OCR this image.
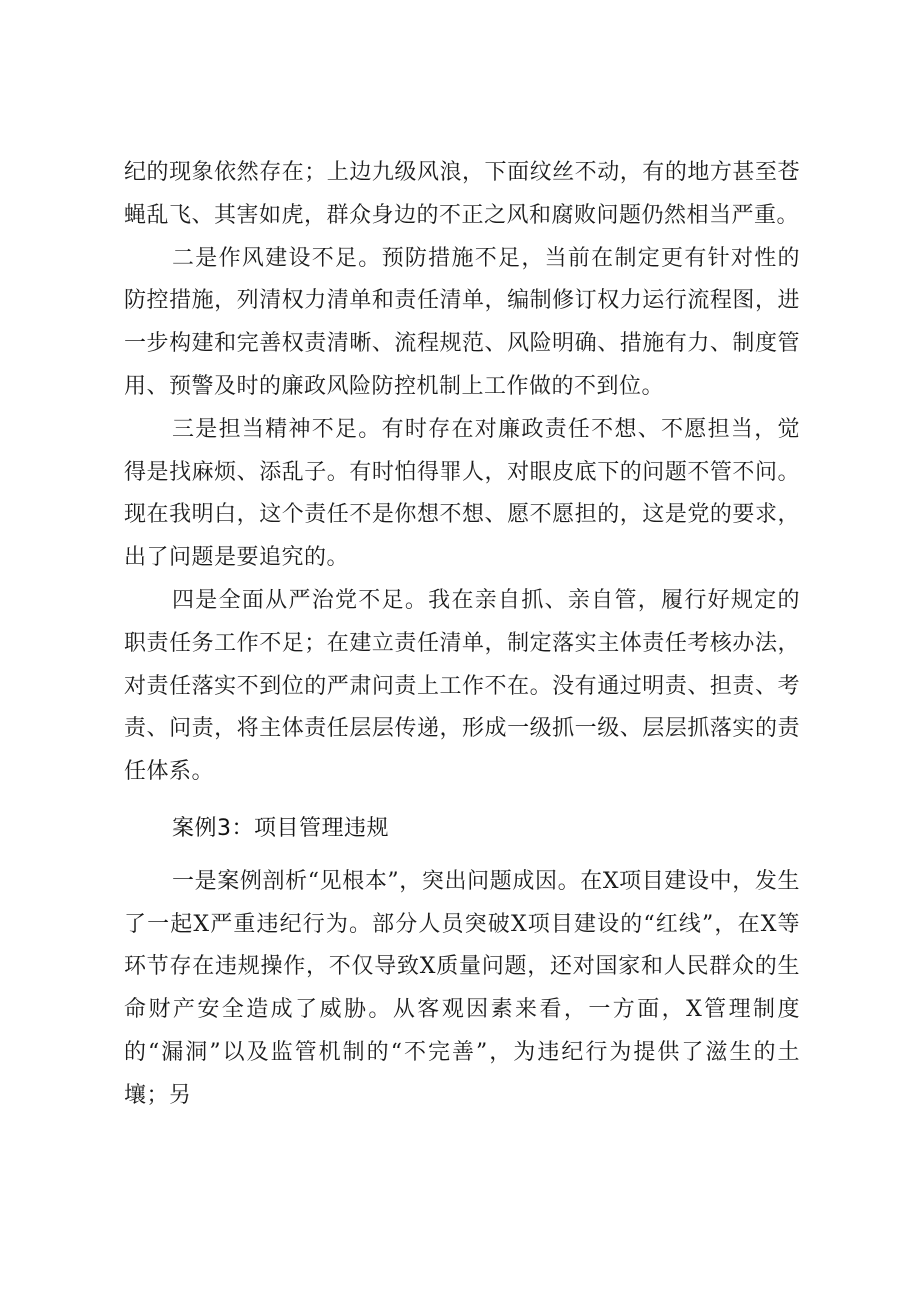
纪的现象依然存在；上边九级风浪，下面纹丝不动，有的地方甚至苍蝇乱飞、其害如虎，群众身边的不正之风和腐败问题仍然相当严重。

二是作风建设不足。预防措施不足，当前在制定更有针对性的防控措施，列清权力清单和责任清单，编制修订权力运行流程图，进一步构建和完善权责清晰、流程规范、风险明确、措施有力、制度管用、预警及时的廉政风险防控机制上工作做的不到位。

三是担当精神不足。有时存在对廉政责任不想、不愿担当，觉得是找麻烦、添乱子。有时怕得罪人，对眼皮底下的问题不管不问。现在我明白，这个责任不是你想不想、愿不愿担的，这是党的要求，出了问题是要追究的。

四是全面从严治党不足。我在亲自抓、亲自管，履行好规定的职责任务工作不足；在建立责任清单，制定落实主体责任考核办法，对责任落实不到位的严肃问责上工作不在。没有通过明责、担责、考责、问责，将主体责任层层传递，形成一级抓一级、层层抓落实的责任体系。

案例3：项目管理违规

一是案例剖析“见根本”，突出问题成因。在X项目建设中，发生了一起X严重违纪行为。部分人员突破X项目建设的“红线”，在X等环节存在违规操作，不仅导致X质量问题，还对国家和人民群众的生命财产安全造成了威胁。从客观因素来看，一方面，X管理制度的“漏洞”以及监管机制的“不完善”，为违纪行为提供了滋生的土壤；另
